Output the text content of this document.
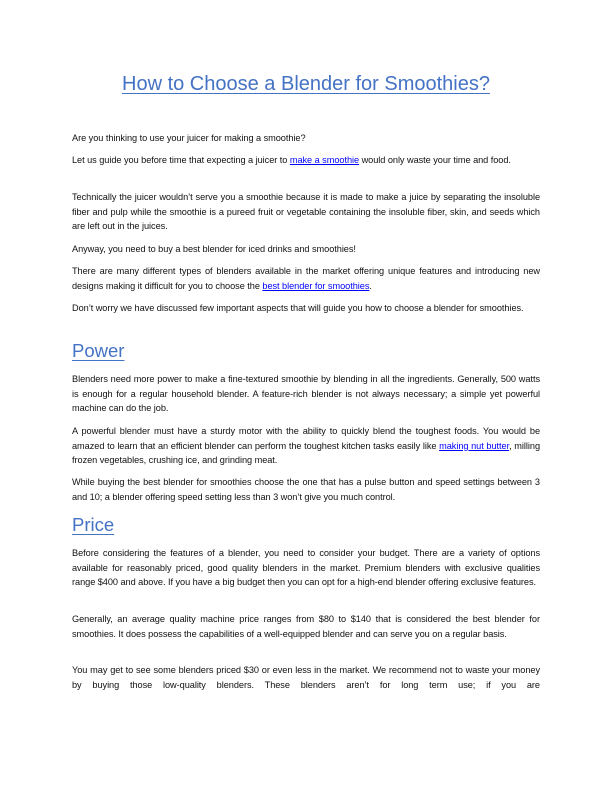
How to Choose a Blender for Smoothies?

Are you thinking to use your juicer for making a smoothie?

Let us guide you before time that expecting a juicer to make a smoothie would only waste your time and food.

Technically the juicer wouldn’t serve you a smoothie because it is made to make a juice by separating the insoluble fiber and pulp while the smoothie is a pureed fruit or vegetable containing the insoluble fiber, skin, and seeds which are left out in the juices.

Anyway, you need to buy a best blender for iced drinks and smoothies!

There are many different types of blenders available in the market offering unique features and introducing new designs making it difficult for you to choose the best blender for smoothies.

Don’t worry we have discussed few important aspects that will guide you how to choose a blender for smoothies.

Power

Blenders need more power to make a fine-textured smoothie by blending in all the ingredients. Generally, 500 watts is enough for a regular household blender. A feature-rich blender is not always necessary; a simple yet powerful machine can do the job.

A powerful blender must have a sturdy motor with the ability to quickly blend the toughest foods. You would be amazed to learn that an efficient blender can perform the toughest kitchen tasks easily like making nut butter, milling frozen vegetables, crushing ice, and grinding meat.

While buying the best blender for smoothies choose the one that has a pulse button and speed settings between 3 and 10; a blender offering speed setting less than 3 won’t give you much control.

Price

Before considering the features of a blender, you need to consider your budget. There are a variety of options available for reasonably priced, good quality blenders in the market. Premium blenders with exclusive qualities range $400 and above. If you have a big budget then you can opt for a high-end blender offering exclusive features.

Generally, an average quality machine price ranges from $80 to $140 that is considered the best blender for smoothies. It does possess the capabilities of a well-equipped blender and can serve you on a regular basis.

You may get to see some blenders priced $30 or even less in the market. We recommend not to waste your money by buying those low-quality blenders. These blenders aren’t for long term use; if you are
